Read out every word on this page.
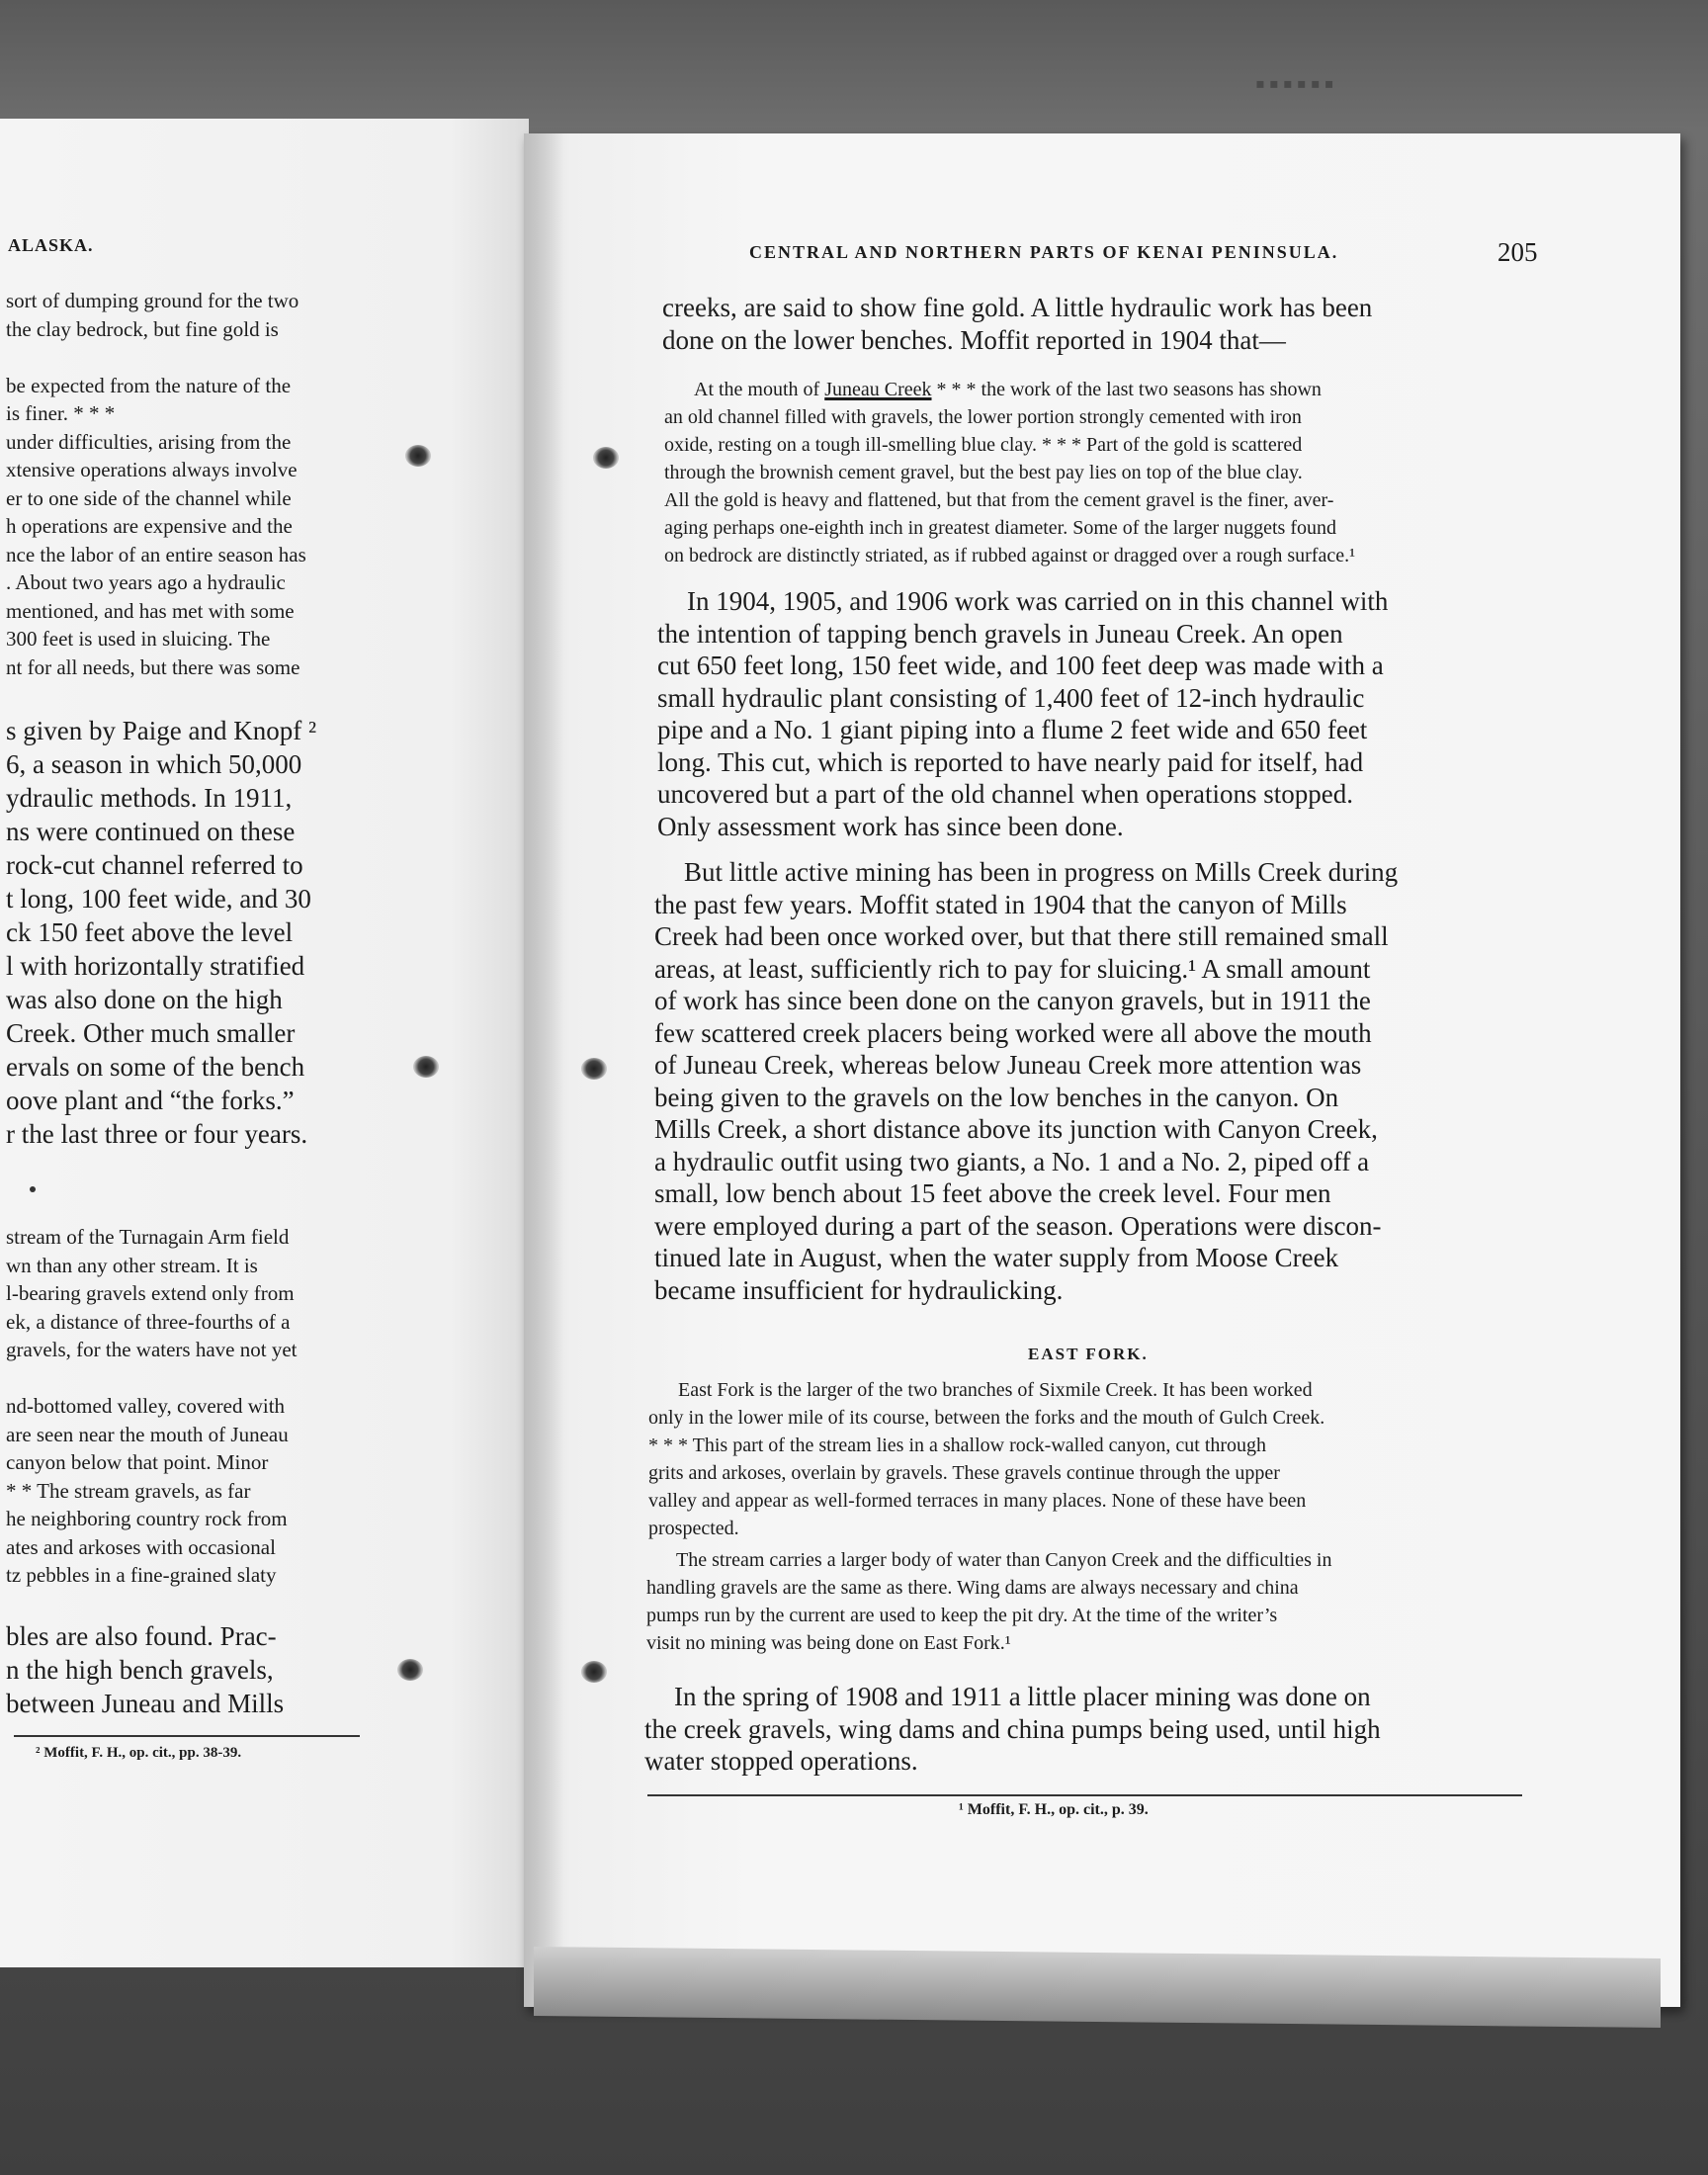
▪▪▪▪▪▪
ALASKA.
sort of dumping ground for the two
the clay bedrock, but fine gold is

be expected from the nature of the
is finer. * * *
under difficulties, arising from the
xtensive operations always involve
er to one side of the channel while
h operations are expensive and the
nce the labor of an entire season has
. About two years ago a hydraulic
mentioned, and has met with some
300 feet is used in sluicing. The
nt for all needs, but there was some
s given by Paige and Knopf ²
6, a season in which 50,000
ydraulic methods. In 1911,
ns were continued on these
rock-cut channel referred to
t long, 100 feet wide, and 30
ck 150 feet above the level
l with horizontally stratified
was also done on the high
Creek. Other much smaller
ervals on some of the bench
oove plant and “the forks.”
r the last three or four years.
stream of the Turnagain Arm field
wn than any other stream. It is
l-bearing gravels extend only from
ek, a distance of three-fourths of a
gravels, for the waters have not yet

nd-bottomed valley, covered with
are seen near the mouth of Juneau
canyon below that point. Minor
* * The stream gravels, as far
he neighboring country rock from
ates and arkoses with occasional
tz pebbles in a fine-grained slaty
bles are also found. Prac-
n the high bench gravels,
between Juneau and Mills
² Moffit, F. H., op. cit., pp. 38-39.
CENTRAL AND NORTHERN PARTS OF KENAI PENINSULA.	205
creeks, are said to show fine gold. A little hydraulic work has been
done on the lower benches. Moffit reported in 1904 that—
At the mouth of Juneau Creek * * * the work of the last two seasons has shown
an old channel filled with gravels, the lower portion strongly cemented with iron
oxide, resting on a tough ill-smelling blue clay. * * * Part of the gold is scattered
through the brownish cement gravel, but the best pay lies on top of the blue clay.
All the gold is heavy and flattened, but that from the cement gravel is the finer, aver-
aging perhaps one-eighth inch in greatest diameter. Some of the larger nuggets found
on bedrock are distinctly striated, as if rubbed against or dragged over a rough surface.¹
In 1904, 1905, and 1906 work was carried on in this channel with
the intention of tapping bench gravels in Juneau Creek. An open
cut 650 feet long, 150 feet wide, and 100 feet deep was made with a
small hydraulic plant consisting of 1,400 feet of 12-inch hydraulic
pipe and a No. 1 giant piping into a flume 2 feet wide and 650 feet
long. This cut, which is reported to have nearly paid for itself, had
uncovered but a part of the old channel when operations stopped.
Only assessment work has since been done.
But little active mining has been in progress on Mills Creek during
the past few years. Moffit stated in 1904 that the canyon of Mills
Creek had been once worked over, but that there still remained small
areas, at least, sufficiently rich to pay for sluicing.¹ A small amount
of work has since been done on the canyon gravels, but in 1911 the
few scattered creek placers being worked were all above the mouth
of Juneau Creek, whereas below Juneau Creek more attention was
being given to the gravels on the low benches in the canyon. On
Mills Creek, a short distance above its junction with Canyon Creek,
a hydraulic outfit using two giants, a No. 1 and a No. 2, piped off a
small, low bench about 15 feet above the creek level. Four men
were employed during a part of the season. Operations were discon-
tinued late in August, when the water supply from Moose Creek
became insufficient for hydraulicking.
EAST FORK.
East Fork is the larger of the two branches of Sixmile Creek. It has been worked
only in the lower mile of its course, between the forks and the mouth of Gulch Creek.
* * * This part of the stream lies in a shallow rock-walled canyon, cut through
grits and arkoses, overlain by gravels. These gravels continue through the upper
valley and appear as well-formed terraces in many places. None of these have been
prospected.
The stream carries a larger body of water than Canyon Creek and the difficulties in
handling gravels are the same as there. Wing dams are always necessary and china
pumps run by the current are used to keep the pit dry. At the time of the writer’s
visit no mining was being done on East Fork.¹
In the spring of 1908 and 1911 a little placer mining was done on
the creek gravels, wing dams and china pumps being used, until high
water stopped operations.
¹ Moffit, F. H., op. cit., p. 39.
